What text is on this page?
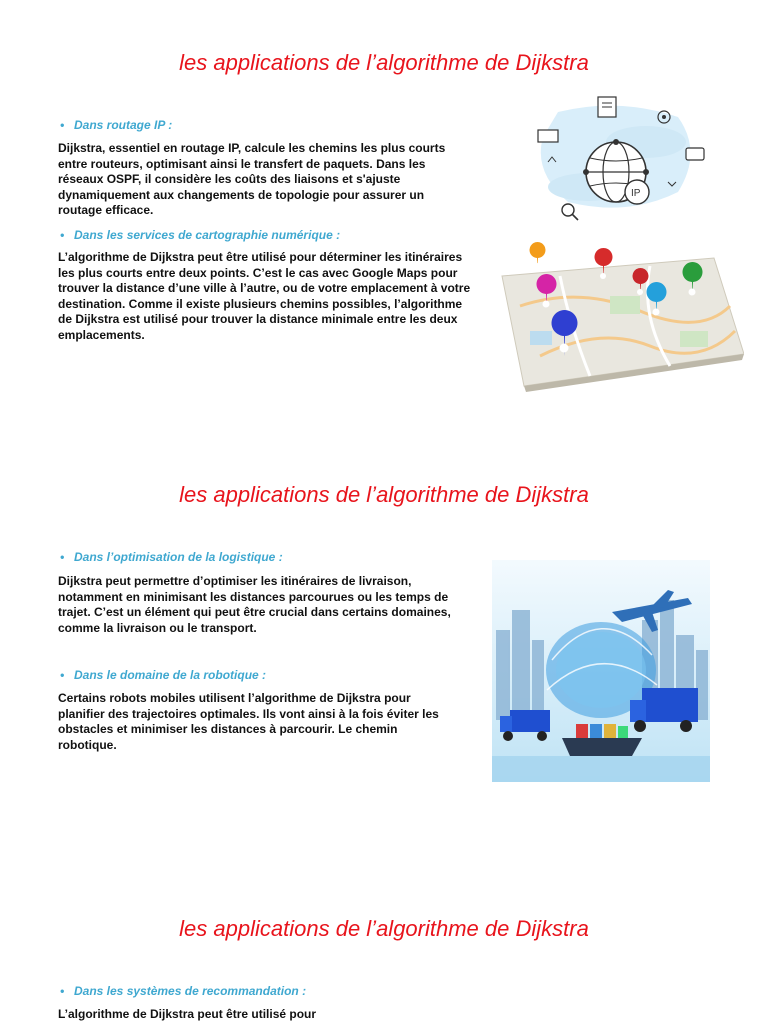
les applications de l’algorithme de Dijkstra
• Dans routage IP :
Dijkstra, essentiel en routage IP, calcule les chemins les plus courts entre routeurs, optimisant ainsi le transfert de paquets. Dans les réseaux OSPF, il considère les coûts des liaisons et s'ajuste dynamiquement aux changements de topologie pour assurer un routage efficace.
• Dans les services de cartographie numérique :
L’algorithme de Dijkstra peut être utilisé pour déterminer les itinéraires les plus courts entre deux points. C’est le cas avec Google Maps pour trouver la distance d’une ville à l’autre, ou de votre emplacement à votre destination. Comme il existe plusieurs chemins possibles, l’algorithme de Dijkstra est utilisé pour trouver la distance minimale entre les deux emplacements.
IP
les applications de l’algorithme de Dijkstra
• Dans l’optimisation de la logistique :
Dijkstra peut permettre d’optimiser les itinéraires de livraison, notamment en minimisant les distances parcourues ou les temps de trajet. C’est un élément qui peut être crucial dans certains domaines, comme la livraison ou le transport.
• Dans le domaine de la robotique :
Certains robots mobiles utilisent l’algorithme de Dijkstra pour planifier des trajectoires optimales. Ils vont ainsi à la fois éviter les obstacles et minimiser les distances à parcourir. Le chemin robotique.
les applications de l’algorithme de Dijkstra
• Dans les systèmes de recommandation :
L’algorithme de Dijkstra peut être utilisé pour
